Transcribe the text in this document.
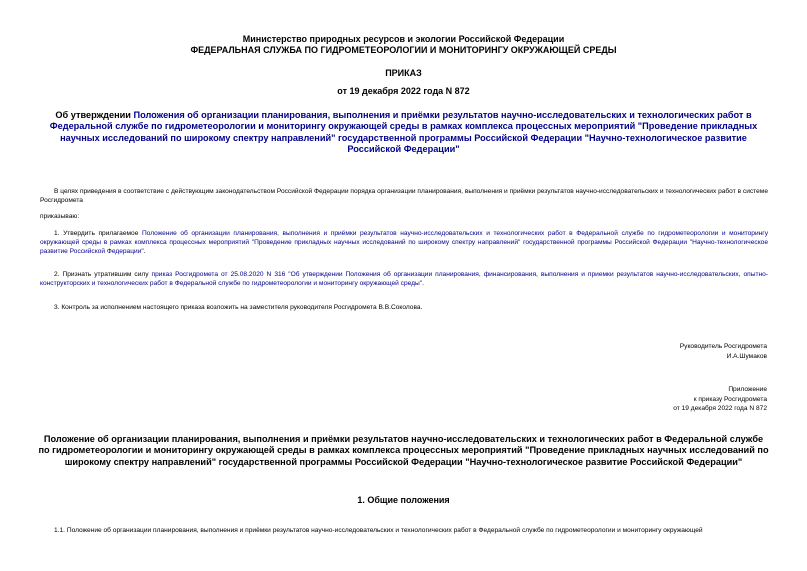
Министерство природных ресурсов и экологии Российской Федерации
ФЕДЕРАЛЬНАЯ СЛУЖБА ПО ГИДРОМЕТЕОРОЛОГИИ И МОНИТОРИНГУ ОКРУЖАЮЩЕЙ СРЕДЫ
ПРИКАЗ
от 19 декабря 2022 года N 872
Об утверждении Положения об организации планирования, выполнения и приёмки результатов научно-исследовательских и технологических работ в Федеральной службе по гидрометеорологии и мониторингу окружающей среды в рамках комплекса процессных мероприятий "Проведение прикладных научных исследований по широкому спектру направлений" государственной программы Российской Федерации "Научно-технологическое развитие Российской Федерации"
В целях приведения в соответствие с действующим законодательством Российской Федерации порядка организации планирования, выполнения и приёмки результатов научно-исследовательских и технологических работ в системе Росгидромета
приказываю:
1. Утвердить прилагаемое Положение об организации планирования, выполнения и приёмки результатов научно-исследовательских и технологических работ в Федеральной службе по гидрометеорологии и мониторингу окружающей среды в рамках комплекса процессных мероприятий "Проведение прикладных научных исследований по широкому спектру направлений" государственной программы Российской Федерации "Научно-технологическое развитие Российской Федерации".
2. Признать утратившим силу приказ Росгидромета от 25.08.2020 N 316 "Об утверждении Положения об организации планирования, финансирования, выполнения и приемки результатов научно-исследовательских, опытно-конструкторских и технологических работ в Федеральной службе по гидрометеорологии и мониторингу окружающей среды".
3. Контроль за исполнением настоящего приказа возложить на заместителя руководителя Росгидромета В.В.Соколова.
Руководитель Росгидромета
И.А.Шумаков
Приложение
к приказу Росгидромета
от 19 декабря 2022 года N 872
Положение об организации планирования, выполнения и приёмки результатов научно-исследовательских и технологических работ в Федеральной службе по гидрометеорологии и мониторингу окружающей среды в рамках комплекса процессных мероприятий "Проведение прикладных научных исследований по широкому спектру направлений" государственной программы Российской Федерации "Научно-технологическое развитие Российской Федерации"
1. Общие положения
1.1. Положение об организации планирования, выполнения и приёмки результатов научно-исследовательских и технологических работ в Федеральной службе по гидрометеорологии и мониторингу окружающей
